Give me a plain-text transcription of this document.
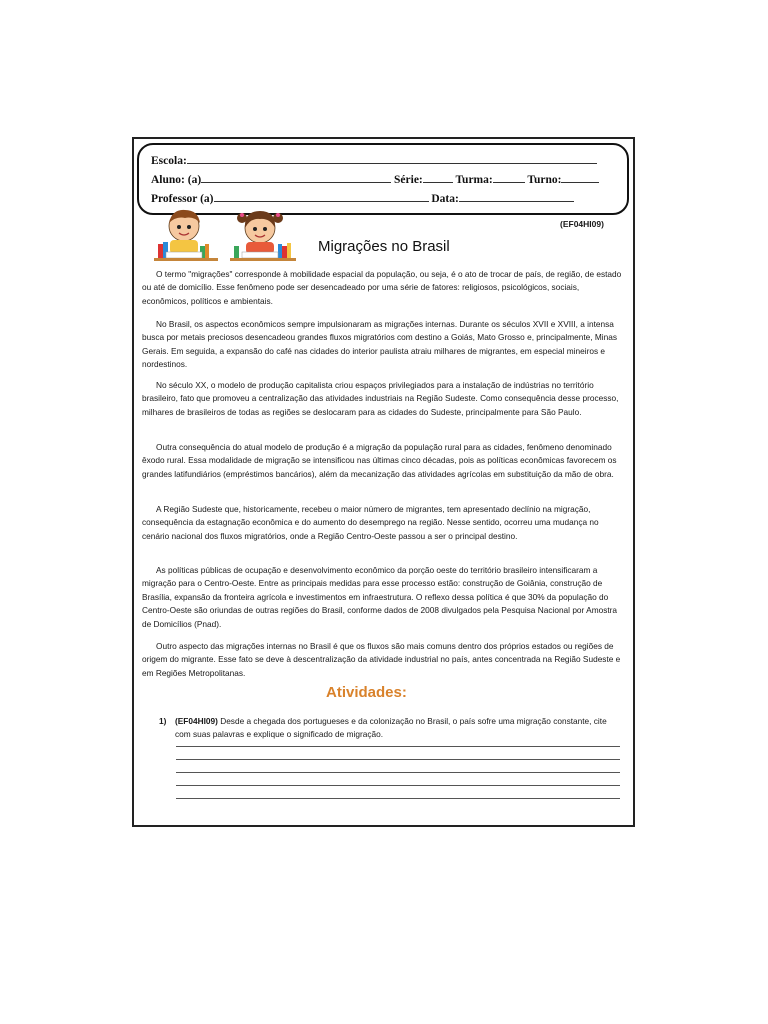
Escola:
Aluno: (a)	Série:	Turma:	Turno:
Professor (a)	Data:
(EF04HI09)
Migrações no Brasil

O termo "migrações" corresponde à mobilidade espacial da população, ou seja, é o ato de trocar de país, de região, de estado ou até de domicílio. Esse fenômeno pode ser desencadeado por uma série de fatores: religiosos, psicológicos, sociais, econômicos, políticos e ambientais.

No Brasil, os aspectos econômicos sempre impulsionaram as migrações internas. Durante os séculos XVII e XVIII, a intensa busca por metais preciosos desencadeou grandes fluxos migratórios com destino a Goiás, Mato Grosso e, principalmente, Minas Gerais. Em seguida, a expansão do café nas cidades do interior paulista atraiu milhares de migrantes, em especial mineiros e nordestinos.

No século XX, o modelo de produção capitalista criou espaços privilegiados para a instalação de indústrias no território brasileiro, fato que promoveu a centralização das atividades industriais na Região Sudeste. Como consequência desse processo, milhares de brasileiros de todas as regiões se deslocaram para as cidades do Sudeste, principalmente para São Paulo.

Outra consequência do atual modelo de produção é a migração da população rural para as cidades, fenômeno denominado êxodo rural. Essa modalidade de migração se intensificou nas últimas cinco décadas, pois as políticas econômicas favorecem os grandes latifundiários (empréstimos bancários), além da mecanização das atividades agrícolas em substituição da mão de obra.

A Região Sudeste que, historicamente, recebeu o maior número de migrantes, tem apresentado declínio na migração, consequência da estagnação econômica e do aumento do desemprego na região. Nesse sentido, ocorreu uma mudança no cenário nacional dos fluxos migratórios, onde a Região Centro-Oeste passou a ser o principal destino.

As políticas públicas de ocupação e desenvolvimento econômico da porção oeste do território brasileiro intensificaram a migração para o Centro-Oeste. Entre as principais medidas para esse processo estão: construção de Goiânia, construção de Brasília, expansão da fronteira agrícola e investimentos em infraestrutura. O reflexo dessa política é que 30% da população do Centro-Oeste são oriundas de outras regiões do Brasil, conforme dados de 2008 divulgados pela Pesquisa Nacional por Amostra de Domicílios (Pnad).

Outro aspecto das migrações internas no Brasil é que os fluxos são mais comuns dentro dos próprios estados ou regiões de origem do migrante. Esse fato se deve à descentralização da atividade industrial no país, antes concentrada na Região Sudeste e em Regiões Metropolitanas.

Atividades:
1) (EF04HI09) Desde a chegada dos portugueses e da colonização no Brasil, o país sofre uma migração constante, cite com suas palavras e explique o significado de migração.
